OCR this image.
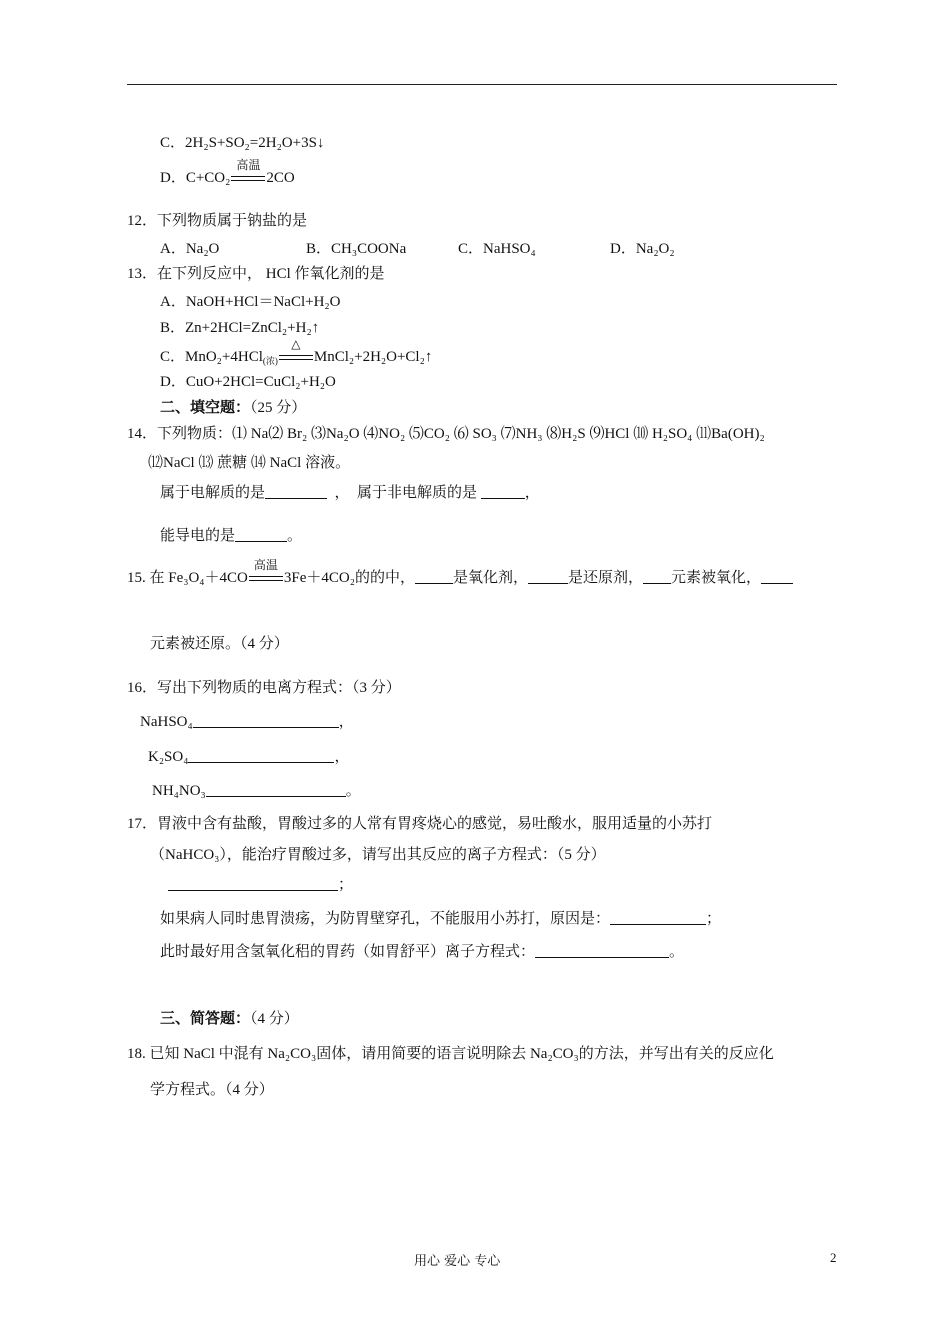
C．2H₂S+SO₂=2H₂O+3S↓
D．C+CO₂
高温
2CO
12．下列物质属于钠盐的是
A．Na₂O	B．CH₃COONa	C．NaHSO₄	D．Na₂O₂
13．在下列反应中， HCl 作氧化剂的是
A．NaOH+HCl＝NaCl+H₂O
B．Zn+2HCl=ZnCl₂+H₂↑
C．MnO₂+4HCl$_{(浓)}$
△
MnCl₂+2H₂O+Cl₂↑
D．CuO+2HCl=CuCl₂+H₂O
二、填空题：（25 分）
14．下列物质：⑴ Na⑵ Br₂ ⑶Na₂O ⑷NO₂ ⑸CO₂ ⑹ SO₃ ⑺NH₃ ⑻H₂S ⑼HCl ⑽ H₂SO₄ ⑾Ba(OH)₂
⑿NaCl ⒀ 蔗糖 ⒁ NaCl 溶液。
属于电解质的是	， 属于非电解质的是	，
能导电的是	。
15. 在 Fe₃O₄＋4CO
高温
3Fe＋4CO₂的的中，	是氧化剂，	是还原剂， 元素被氧化，
元素被还原。（4 分）
16．写出下列物质的电离方程式：（3 分）
NaHSO₄	，
K₂SO₄	，
NH₄NO₃	。
17．胃液中含有盐酸，胃酸过多的人常有胃疼烧心的感觉，易吐酸水，服用适量的小苏打
（NaHCO₃），能治疗胃酸过多，请写出其反应的离子方程式：（5 分）
；
如果病人同时患胃溃疡，为防胃壁穿孔，不能服用小苏打，原因是：	；
此时最好用含氢氧化稆的胃药（如胃舒平）离子方程式：	。
三、简答题：（4 分）
18. 已知 NaCl 中混有 Na₂CO₃固体，请用简要的语言说明除去 Na₂CO₃的方法，并写出有关的反应化
学方程式。（4 分）
用心 爱心 专心	2
